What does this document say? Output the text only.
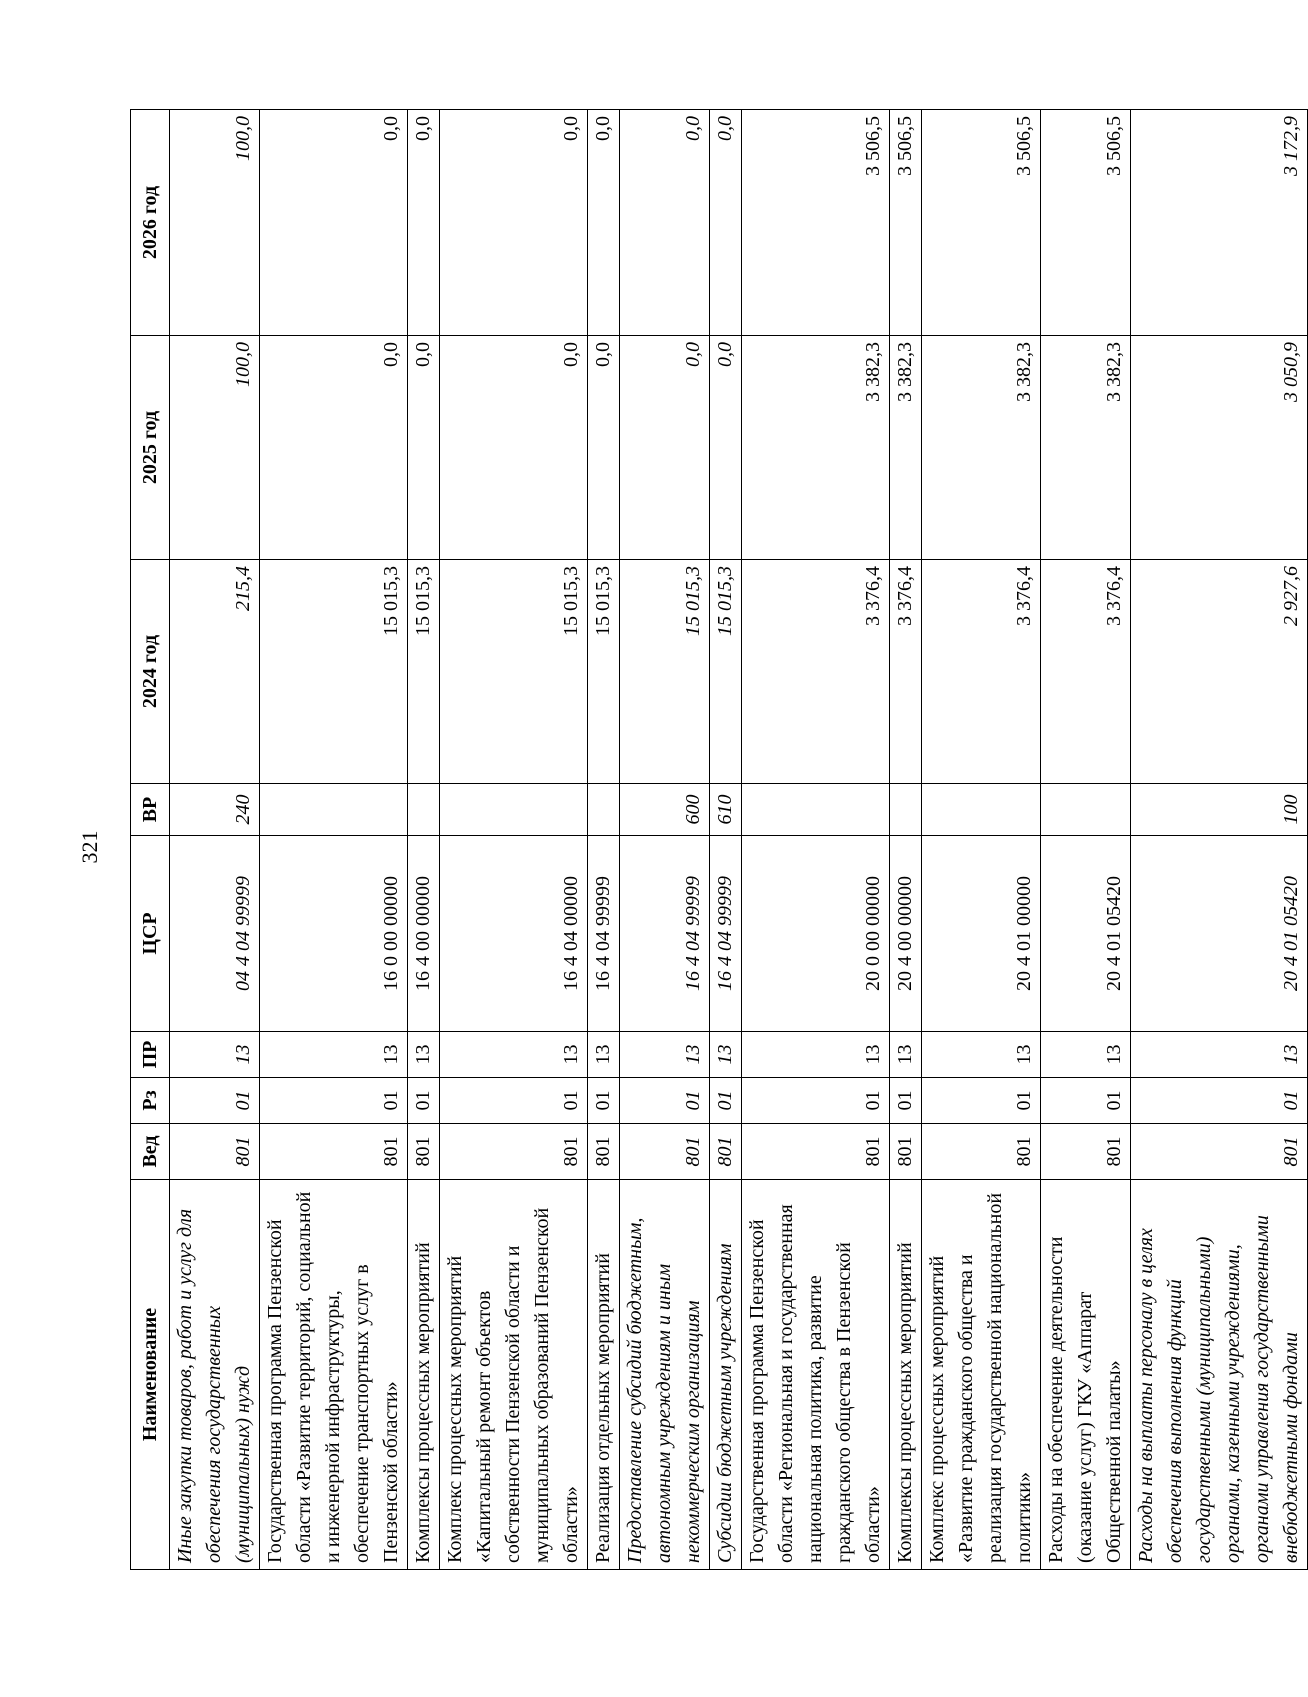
321
Наименование	Вед	Рз	ПР	ЦСР	ВР	2024 год	2025 год	2026 год
Иные закупки товаров, работ и услуг для обеспечения государственных (муниципальных) нужд	801	01	13	04 4 04 99999	240	215,4	100,0	100,0
Государственная программа Пензенской области «Развитие территорий, социальной и инженерной инфраструктуры, обеспечение транспортных услуг в Пензенской области»	801	01	13	16 0 00 00000		15 015,3	0,0	0,0
Комплексы процессных мероприятий	801	01	13	16 4 00 00000		15 015,3	0,0	0,0
Комплекс процессных мероприятий «Капитальный ремонт объектов собственности Пензенской области и муниципальных образований Пензенской области»	801	01	13	16 4 04 00000		15 015,3	0,0	0,0
Реализация отдельных мероприятий	801	01	13	16 4 04 99999		15 015,3	0,0	0,0
Предоставление субсидий бюджетным, автономным учреждениям и иным некоммерческим организациям	801	01	13	16 4 04 99999	600	15 015,3	0,0	0,0
Субсидии бюджетным учреждениям	801	01	13	16 4 04 99999	610	15 015,3	0,0	0,0
Государственная программа Пензенской области «Региональная и государственная национальная политика, развитие гражданского общества в Пензенской области»	801	01	13	20 0 00 00000		3 376,4	3 382,3	3 506,5
Комплексы процессных мероприятий	801	01	13	20 4 00 00000		3 376,4	3 382,3	3 506,5
Комплекс процессных мероприятий «Развитие гражданского общества и реализация государственной национальной политики»	801	01	13	20 4 01 00000		3 376,4	3 382,3	3 506,5
Расходы на обеспечение деятельности (оказание услуг) ГКУ «Аппарат Общественной палаты»	801	01	13	20 4 01 05420		3 376,4	3 382,3	3 506,5
Расходы на выплаты персоналу в целях обеспечения выполнения функций государственными (муниципальными) органами, казенными учреждениями, органами управления государственными внебюджетными фондами	801	01	13	20 4 01 05420	100	2 927,6	3 050,9	3 172,9
